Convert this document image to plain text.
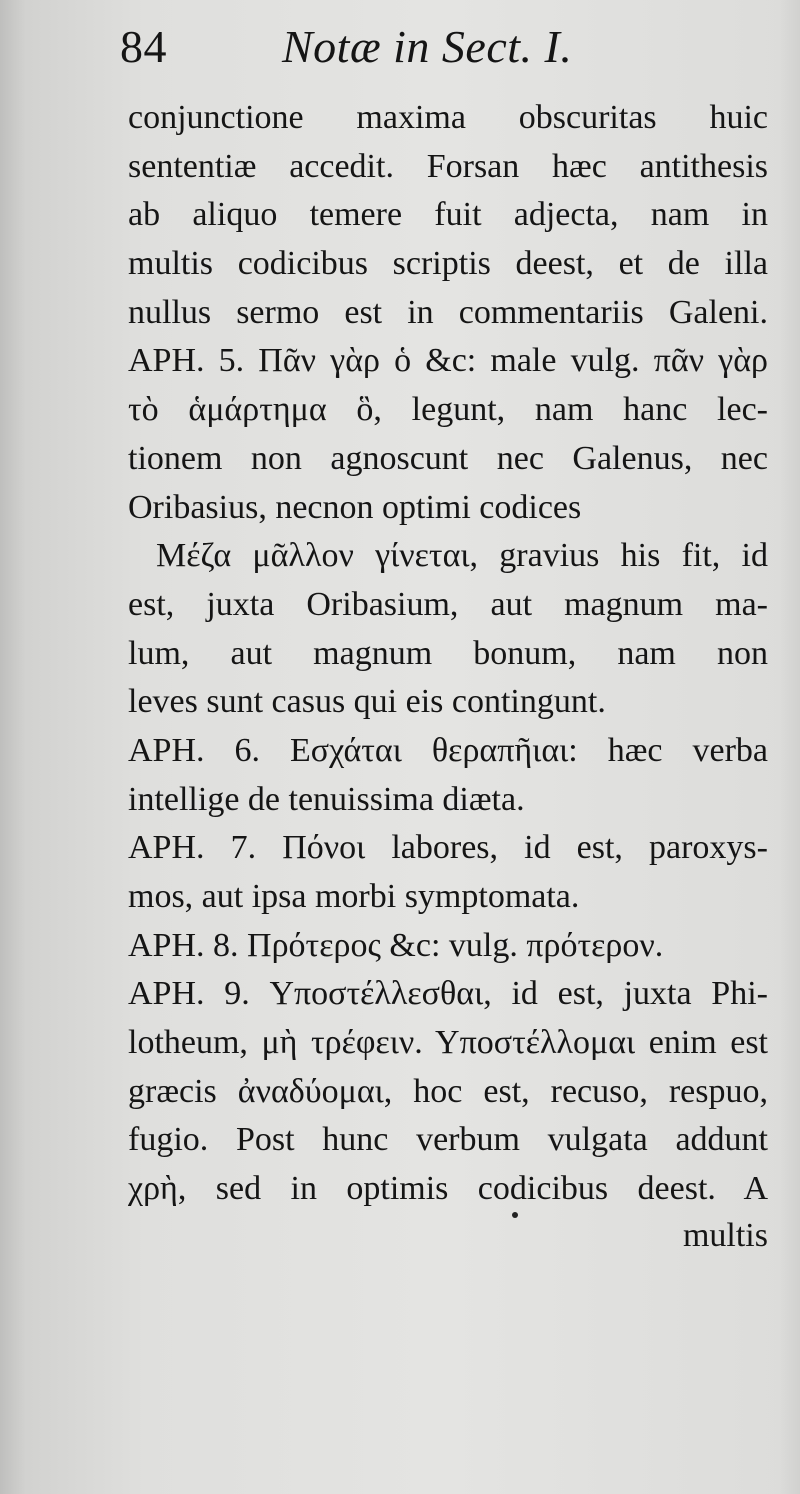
84	Notæ in Sect. I.
conjunctione maxima obscuritas huic
sententiæ accedit. Forsan hæc antithesis
ab aliquo temere fuit adjecta, nam in
multis codicibus scriptis deest, et de illa
nullus sermo est in commentariis Galeni.
APH. 5. Πᾶν γὰρ ὁ &c: male vulg. πᾶν γὰρ
τὸ ἁμάρτημα ὃ, legunt, nam hanc lec-
tionem non agnoscunt nec Galenus, nec
Oribasius, necnon optimi codices
Μέζα μᾶλλον γίνεται, gravius his fit, id
est, juxta Oribasium, aut magnum ma-
lum, aut magnum bonum, nam non
leves sunt casus qui eis contingunt.
APH. 6. Εσχάται θεραπῆιαι: hæc verba
intellige de tenuissima diæta.
APH. 7. Πόνοι labores, id est, paroxys-
mos, aut ipsa morbi symptomata.
APH. 8. Πρότερος &c: vulg. πρότερον.
APH. 9. Υποστέλλεσθαι, id est, juxta Phi-
lotheum, μὴ τρέφειν. Υποστέλλομαι enim est
græcis ἀναδύομαι, hoc est, recuso, respuo,
fugio. Post hunc verbum vulgata addunt
χρὴ, sed in optimis codicibus deest. A
multis
